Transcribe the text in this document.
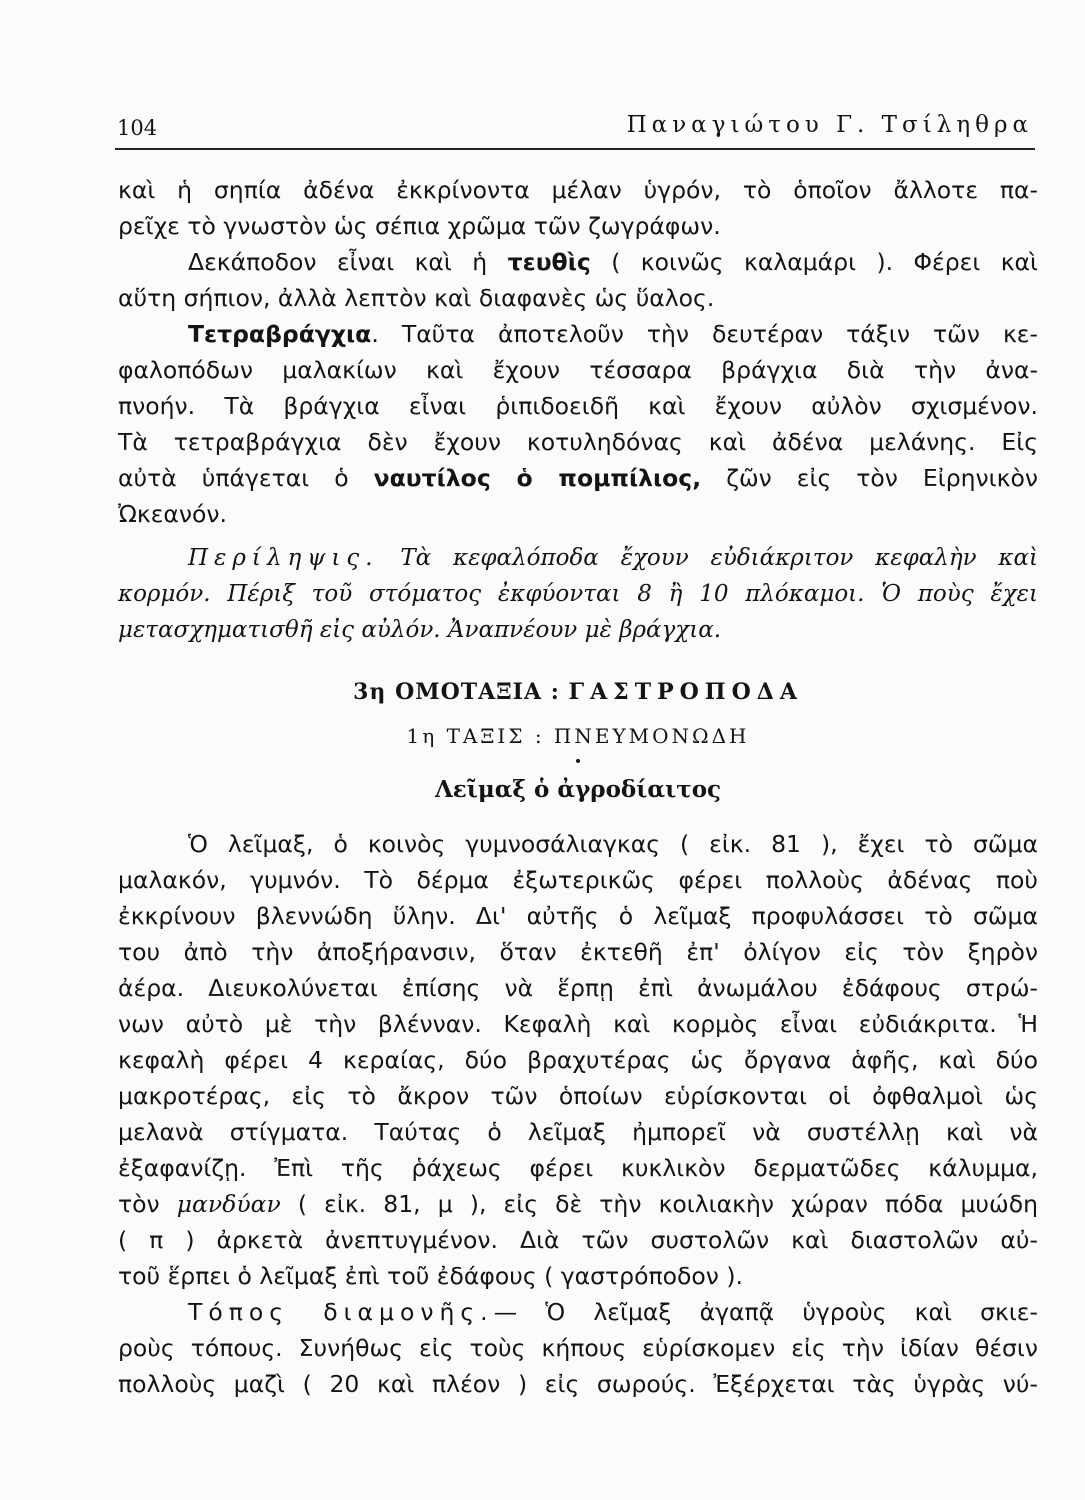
104	Παναγιώτου Γ. Τσίληθρα
καὶ ἡ σηπία ἀδένα ἐκκρίνοντα μέλαν ὑγρόν, τὸ ὁποῖον ἄλλοτε πα-
ρεῖχε τὸ γνωστὸν ὡς σέπια χρῶμα τῶν ζωγράφων.
Δεκάποδον εἶναι καὶ ἡ τευθὶς ( κοινῶς καλαμάρι ). Φέρει καὶ
αὕτη σήπιον, ἀλλὰ λεπτὸν καὶ διαφανὲς ὡς ὕαλος.
Τετραβράγχια. Ταῦτα ἀποτελοῦν τὴν δευτέραν τάξιν τῶν κε-
φαλοπόδων μαλακίων καὶ ἔχουν τέσσαρα βράγχια διὰ τὴν ἀνα-
πνοήν. Τὰ βράγχια εἶναι ῥιπιδοειδῆ καὶ ἔχουν αὐλὸν σχισμένον.
Τὰ τετραβράγχια δὲν ἔχουν κοτυληδόνας καὶ ἀδένα μελάνης. Εἰς
αὐτὰ ὑπάγεται ὁ ναυτίλος ὁ πομπίλιος, ζῶν εἰς τὸν Εἰρηνικὸν
Ὠκεανόν.
Περίληψις. Τὰ κεφαλόποδα ἔχουν εὐδιάκριτον κεφαλὴν καὶ
κορμόν. Πέριξ τοῦ στόματος ἐκφύονται 8 ἢ 10 πλόκαμοι. Ὁ ποὺς ἔχει
μετασχηματισθῆ εἰς αὐλόν. Ἀναπνέουν μὲ βράγχια.
3η ΟΜΟΤΑΞΙΑ : ΓΑΣΤΡΟΠΟΔΑ
1η ΤΑΞΙΣ : ΠΝΕΥΜΟΝΩΔΗ
•
Λεῖμαξ ὁ ἀγροδίαιτος
Ὁ λεῖμαξ, ὁ κοινὸς γυμνοσάλιαγκας ( εἰκ. 81 ), ἔχει τὸ σῶμα
μαλακόν, γυμνόν. Τὸ δέρμα ἐξωτερικῶς φέρει πολλοὺς ἀδένας ποὺ
ἐκκρίνουν βλεννώδη ὕλην. Δι' αὐτῆς ὁ λεῖμαξ προφυλάσσει τὸ σῶμα
του ἀπὸ τὴν ἀποξήρανσιν, ὅταν ἐκτεθῆ ἐπ' ὀλίγον εἰς τὸν ξηρὸν
ἀέρα. Διευκολύνεται ἐπίσης νὰ ἕρπῃ ἐπὶ ἀνωμάλου ἐδάφους στρώ-
νων αὐτὸ μὲ τὴν βλένναν. Κεφαλὴ καὶ κορμὸς εἶναι εὐδιάκριτα. Ἡ
κεφαλὴ φέρει 4 κεραίας, δύο βραχυτέρας ὡς ὄργανα ἁφῆς, καὶ δύο
μακροτέρας, εἰς τὸ ἄκρον τῶν ὁποίων εὑρίσκονται οἱ ὀφθαλμοὶ ὡς
μελανὰ στίγματα. Ταύτας ὁ λεῖμαξ ἠμπορεῖ νὰ συστέλλῃ καὶ νὰ
ἐξαφανίζῃ. Ἐπὶ τῆς ῥάχεως φέρει κυκλικὸν δερματῶδες κάλυμμα,
τὸν μανδύαν ( εἰκ. 81, μ ), εἰς δὲ τὴν κοιλιακὴν χώραν πόδα μυώδη
( π ) ἀρκετὰ ἀνεπτυγμένον. Διὰ τῶν συστολῶν καὶ διαστολῶν αὐ-
τοῦ ἕρπει ὁ λεῖμαξ ἐπὶ τοῦ ἐδάφους ( γαστρόποδον ).
Τόπος διαμονῆς.— Ὁ λεῖμαξ ἀγαπᾷ ὑγροὺς καὶ σκιε-
ροὺς τόπους. Συνήθως εἰς τοὺς κήπους εὑρίσκομεν εἰς τὴν ἰδίαν θέσιν
πολλοὺς μαζὶ ( 20 καὶ πλέον ) εἰς σωρούς. Ἐξέρχεται τὰς ὑγρὰς νύ-
